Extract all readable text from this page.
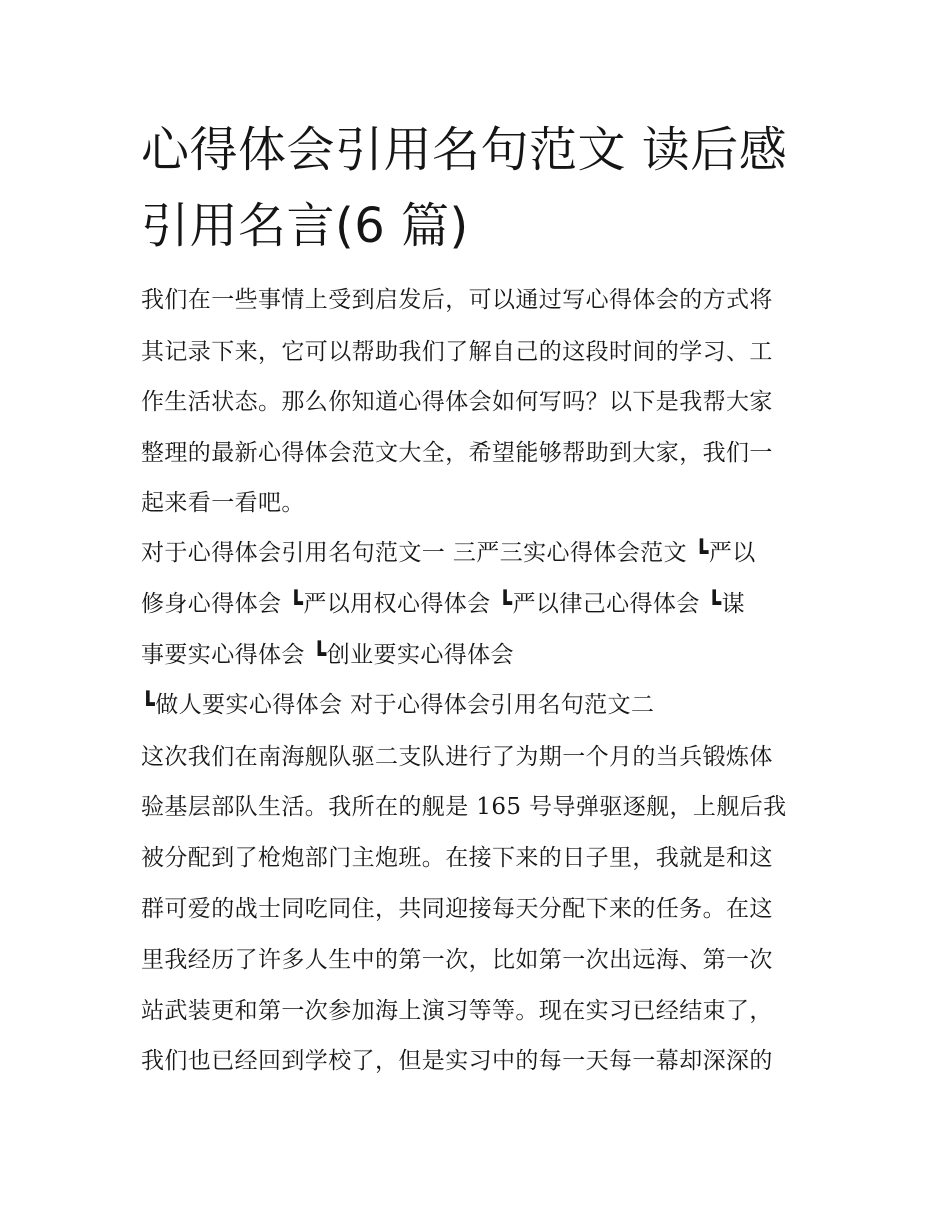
心得体会引用名句范文 读后感
引用名言(6 篇)
我们在一些事情上受到启发后，可以通过写心得体会的方式将
其记录下来，它可以帮助我们了解自己的这段时间的学习、工
作生活状态。那么你知道心得体会如何写吗？以下是我帮大家
整理的最新心得体会范文大全，希望能够帮助到大家，我们一
起来看一看吧。
对于心得体会引用名句范文一 三严三实心得体会范文 ┗严以
修身心得体会 ┗严以用权心得体会 ┗严以律己心得体会 ┗谋
事要实心得体会 ┗创业要实心得体会
┗做人要实心得体会 对于心得体会引用名句范文二
这次我们在南海舰队驱二支队进行了为期一个月的当兵锻炼体
验基层部队生活。我所在的舰是 165 号导弹驱逐舰，上舰后我
被分配到了枪炮部门主炮班。在接下来的日子里，我就是和这
群可爱的战士同吃同住，共同迎接每天分配下来的任务。在这
里我经历了许多人生中的第一次，比如第一次出远海、第一次
站武装更和第一次参加海上演习等等。现在实习已经结束了，
我们也已经回到学校了，但是实习中的每一天每一幕却深深的
